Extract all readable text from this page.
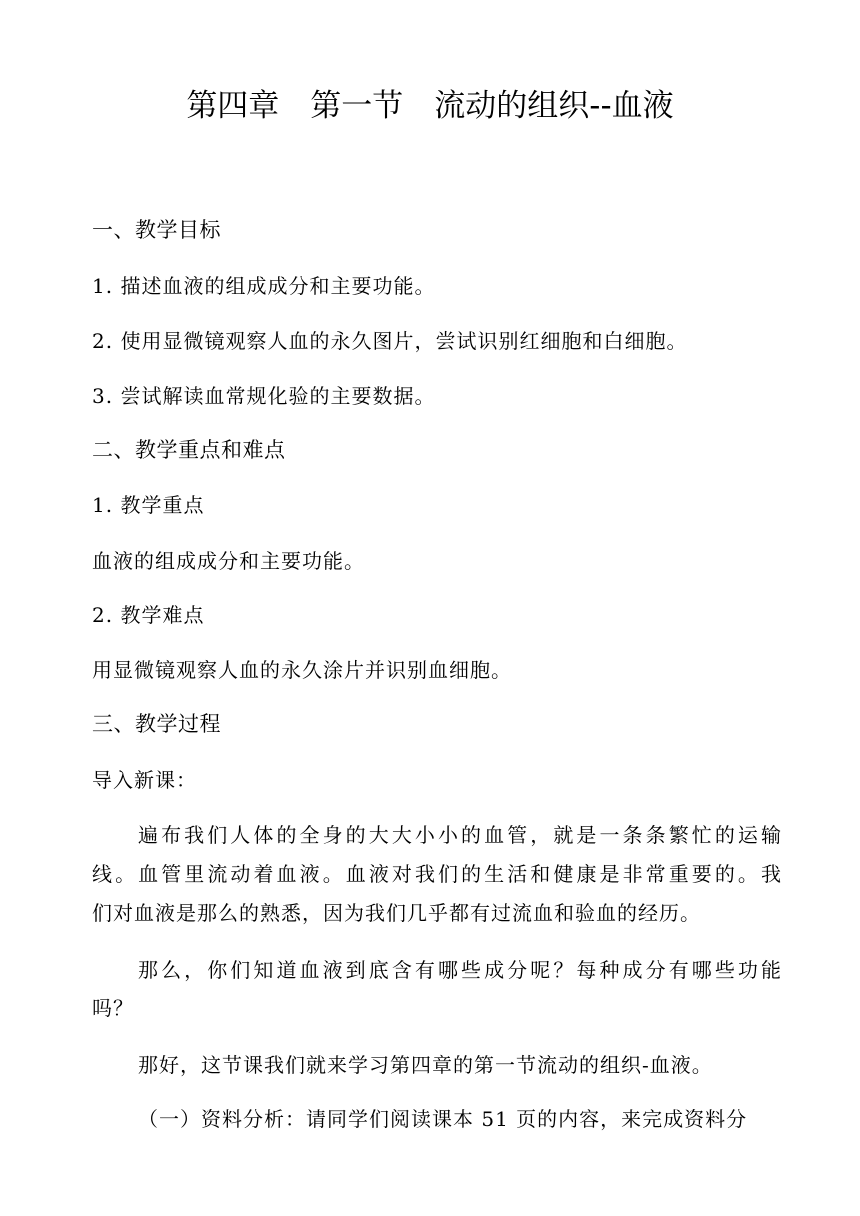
第四章　第一节　流动的组织--血液
一、教学目标
1. 描述血液的组成成分和主要功能。
2. 使用显微镜观察人血的永久图片，尝试识别红细胞和白细胞。
3. 尝试解读血常规化验的主要数据。
二、教学重点和难点
1. 教学重点
血液的组成成分和主要功能。
2. 教学难点
用显微镜观察人血的永久涂片并识别血细胞。
三、教学过程
导入新课：
遍布我们人体的全身的大大小小的血管，就是一条条繁忙的运输
线。血管里流动着血液。血液对我们的生活和健康是非常重要的。我
们对血液是那么的熟悉，因为我们几乎都有过流血和验血的经历。
那么，你们知道血液到底含有哪些成分呢？每种成分有哪些功能
吗？
那好，这节课我们就来学习第四章的第一节流动的组织-血液。
（一）资料分析：请同学们阅读课本 51 页的内容，来完成资料分
